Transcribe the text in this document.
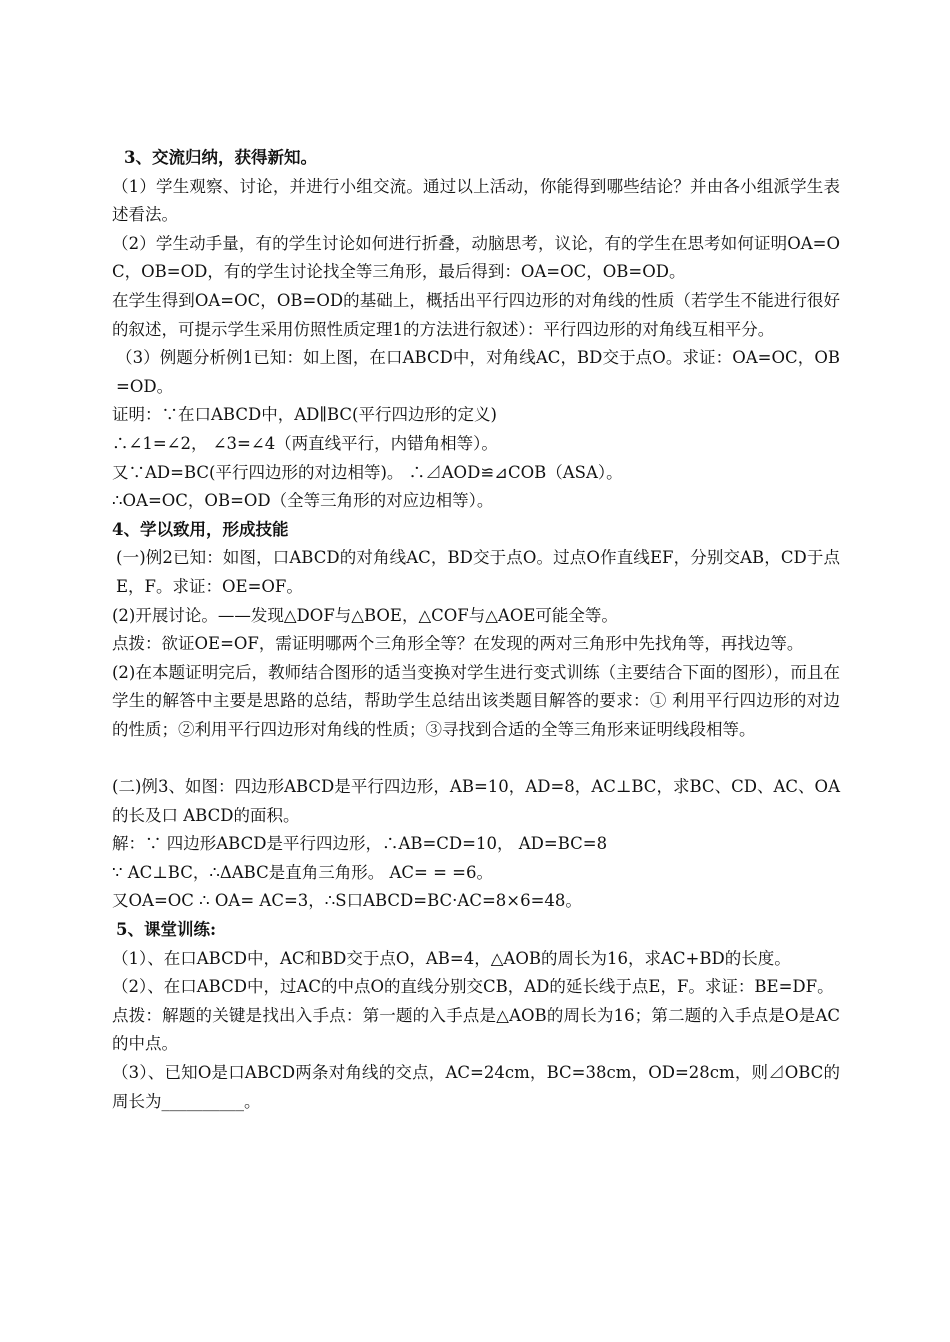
3、交流归纳，获得新知。

（1）学生观察、讨论，并进行小组交流。通过以上活动，你能得到哪些结论？并由各小组派学生表述看法。

（2）学生动手量，有的学生讨论如何进行折叠，动脑思考，议论，有的学生在思考如何证明OA=OC，OB=OD，有的学生讨论找全等三角形，最后得到：OA=OC，OB=OD。

在学生得到OA=OC，OB=OD的基础上，概括出平行四边形的对角线的性质（若学生不能进行很好的叙述，可提示学生采用仿照性质定理1的方法进行叙述）：平行四边形的对角线互相平分。

（3）例题分析例1已知：如上图，在口ABCD中，对角线AC，BD交于点O。求证：OA=OC，OB=OD。

证明：∵在口ABCD中，AD∥BC(平行四边形的定义)

∴∠1=∠2， ∠3=∠4（两直线平行，内错角相等）。

又∵AD=BC(平行四边形的对边相等)。 ∴⊿AOD≌⊿COB（ASA）。

∴OA=OC，OB=OD（全等三角形的对应边相等）。

4、学以致用，形成技能

(一)例2已知：如图，口ABCD的对角线AC，BD交于点O。过点O作直线EF，分别交AB，CD于点E，F。求证：OE=OF。

(2)开展讨论。——发现△DOF与△BOE，△COF与△AOE可能全等。

点拨：欲证OE=OF，需证明哪两个三角形全等？在发现的两对三角形中先找角等，再找边等。

(2)在本题证明完后，教师结合图形的适当变换对学生进行变式训练（主要结合下面的图形），而且在学生的解答中主要是思路的总结，帮助学生总结出该类题目解答的要求：① 利用平行四边形的对边的性质；②利用平行四边形对角线的性质；③寻找到合适的全等三角形来证明线段相等。

(二)例3、如图：四边形ABCD是平行四边形，AB=10，AD=8，AC⊥BC，求BC、CD、AC、OA的长及口 ABCD的面积。

解：∵ 四边形ABCD是平行四边形，∴AB=CD=10， AD=BC=8

∵ AC⊥BC，∴ΔABC是直角三角形。 AC= = =6。

又OA=OC ∴ OA= AC=3，∴S口ABCD=BC·AC=8×6=48。

5、课堂训练:

（1）、在口ABCD中，AC和BD交于点O，AB=4，△AOB的周长为16，求AC+BD的长度。

（2）、在口ABCD中，过AC的中点O的直线分别交CB，AD的延长线于点E，F。求证：BE=DF。

点拨：解题的关键是找出入手点：第一题的入手点是△AOB的周长为16；第二题的入手点是O是AC的中点。

（3）、已知O是口ABCD两条对角线的交点，AC=24cm，BC=38cm，OD=28cm，则⊿OBC的周长为__________。
